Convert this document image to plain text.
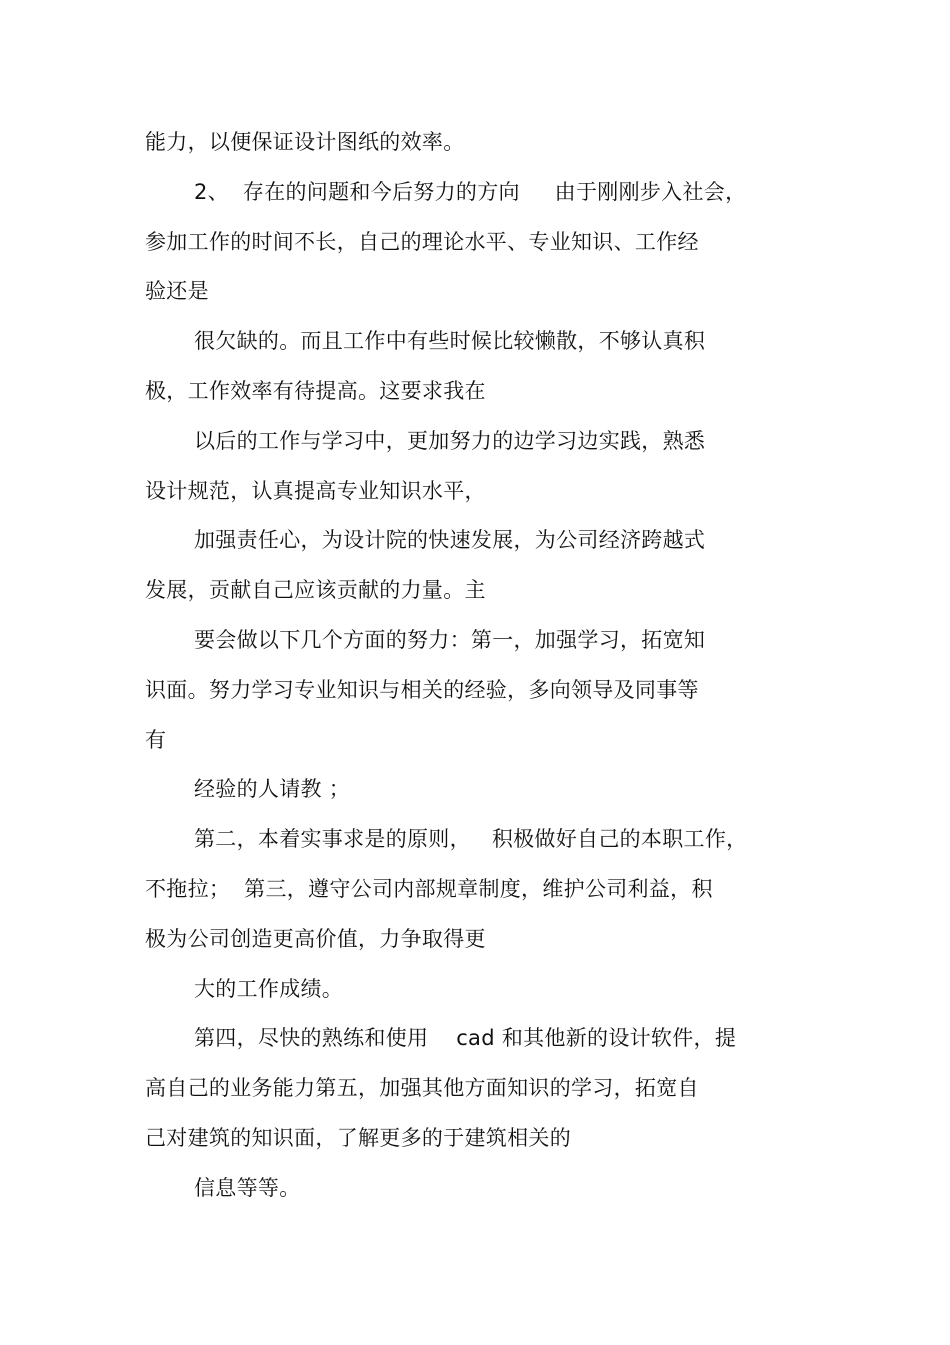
能力，以便保证设计图纸的效率。
2、  存在的问题和今后努力的方向     由于刚刚步入社会，
参加工作的时间不长，自己的理论水平、专业知识、工作经
验还是
很欠缺的。而且工作中有些时候比较懒散，不够认真积
极，工作效率有待提高。这要求我在
以后的工作与学习中，更加努力的边学习边实践，熟悉
设计规范，认真提高专业知识水平，
加强责任心，为设计院的快速发展，为公司经济跨越式
发展，贡献自己应该贡献的力量。主
要会做以下几个方面的努力：第一，加强学习，拓宽知
识面。努力学习专业知识与相关的经验，多向领导及同事等
有
经验的人请教 ；
第二，本着实事求是的原则，   积极做好自己的本职工作，
不拖拉；  第三，遵守公司内部规章制度，维护公司利益，积
极为公司创造更高价值，力争取得更
大的工作成绩。
第四，尽快的熟练和使用    cad 和其他新的设计软件，提
高自己的业务能力第五，加强其他方面知识的学习，拓宽自
己对建筑的知识面，了解更多的于建筑相关的
信息等等。
